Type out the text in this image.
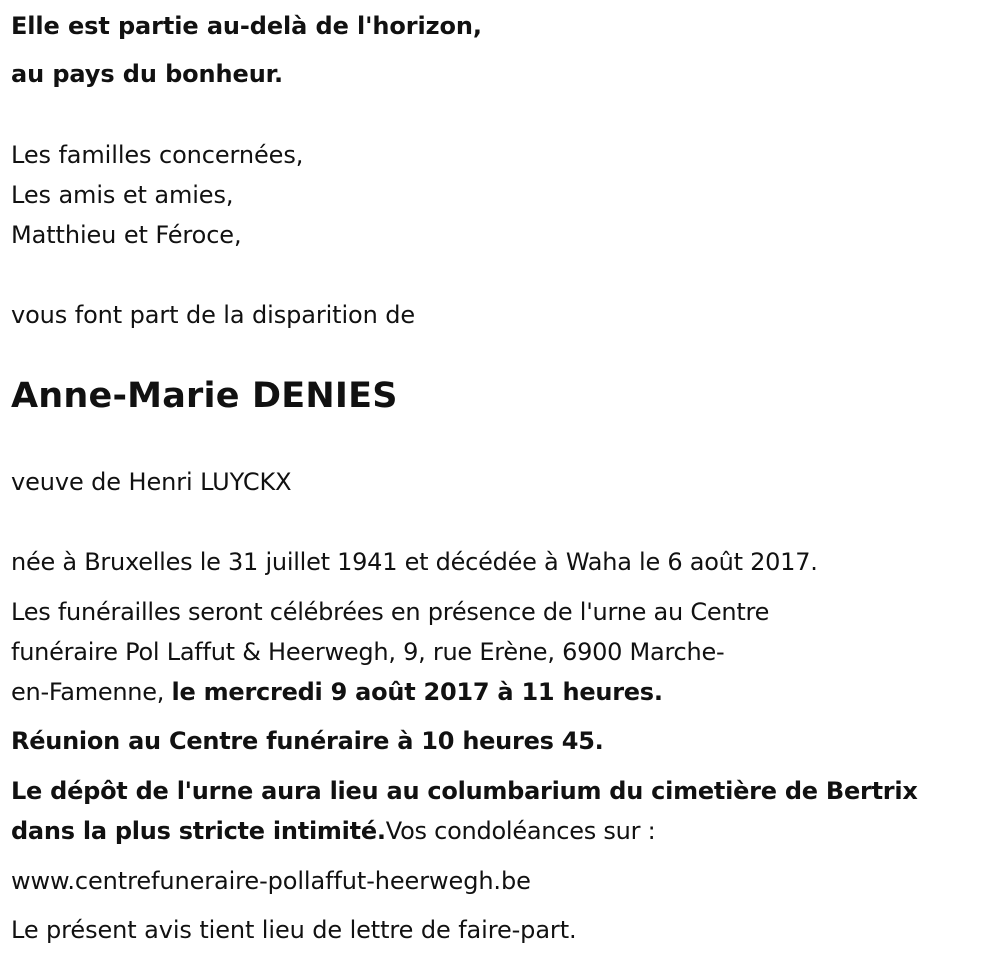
Elle est partie au-delà de l'horizon,
au pays du bonheur.
Les familles concernées,
Les amis et amies,
Matthieu et Féroce,
vous font part de la disparition de
Anne-Marie DENIES
veuve de Henri LUYCKX
née à Bruxelles le 31 juillet 1941 et décédée à Waha le 6 août 2017.
Les funérailles seront célébrées en présence de l'urne au Centre
funéraire Pol Laffut & Heerwegh, 9, rue Erène, 6900 Marche-
en-Famenne, le mercredi 9 août 2017 à 11 heures.
Réunion au Centre funéraire à 10 heures 45.
Le dépôt de l'urne aura lieu au columbarium du cimetière de Bertrix
dans la plus stricte intimité.Vos condoléances sur :
www.centrefuneraire-pollaffut-heerwegh.be
Le présent avis tient lieu de lettre de faire-part.
